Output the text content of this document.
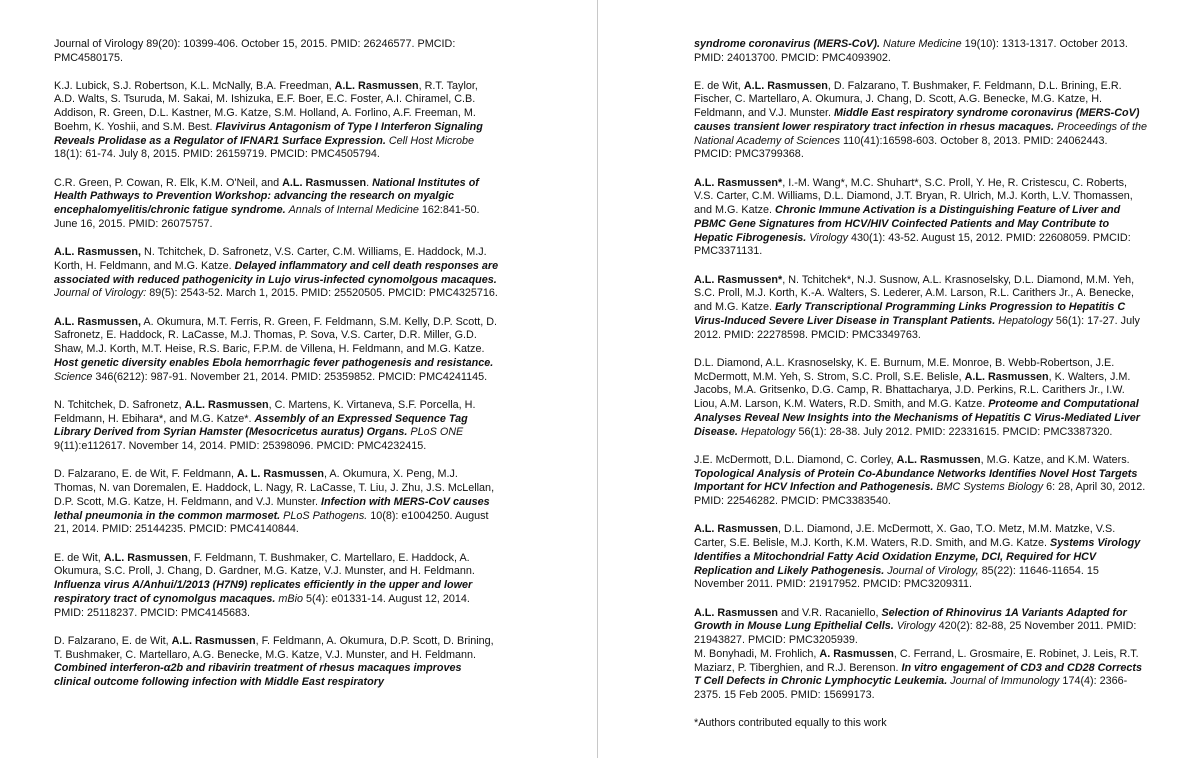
Journal of Virology 89(20): 10399-406. October 15, 2015. PMID: 26246577. PMCID: PMC4580175.

K.J. Lubick, S.J. Robertson, K.L. McNally, B.A. Freedman, A.L. Rasmussen, R.T. Taylor, A.D. Walts, S. Tsuruda, M. Sakai, M. Ishizuka, E.F. Boer, E.C. Foster, A.I. Chiramel, C.B. Addison, R. Green, D.L. Kastner, M.G. Katze, S.M. Holland, A. Forlino, A.F. Freeman, M. Boehm, K. Yoshii, and S.M. Best. Flavivirus Antagonism of Type I Interferon Signaling Reveals Prolidase as a Regulator of IFNAR1 Surface Expression. Cell Host Microbe 18(1): 61-74. July 8, 2015. PMID: 26159719. PMCID: PMC4505794.

C.R. Green, P. Cowan, R. Elk, K.M. O'Neil, and A.L. Rasmussen. National Institutes of Health Pathways to Prevention Workshop: advancing the research on myalgic encephalomyelitis/chronic fatigue syndrome. Annals of Internal Medicine 162:841-50. June 16, 2015. PMID: 26075757.

A.L. Rasmussen, N. Tchitchek, D. Safronetz, V.S. Carter, C.M. Williams, E. Haddock, M.J. Korth, H. Feldmann, and M.G. Katze. Delayed inflammatory and cell death responses are associated with reduced pathogenicity in Lujo virus-infected cynomolgous macaques. Journal of Virology: 89(5): 2543-52. March 1, 2015. PMID: 25520505. PMCID: PMC4325716.

A.L. Rasmussen, A. Okumura, M.T. Ferris, R. Green, F. Feldmann, S.M. Kelly, D.P. Scott, D. Safronetz, E. Haddock, R. LaCasse, M.J. Thomas, P. Sova, V.S. Carter, D.R. Miller, G.D. Shaw, M.J. Korth, M.T. Heise, R.S. Baric, F.P.M. de Villena, H. Feldmann, and M.G. Katze. Host genetic diversity enables Ebola hemorrhagic fever pathogenesis and resistance. Science 346(6212): 987-91. November 21, 2014. PMID: 25359852. PMCID: PMC4241145.

N. Tchitchek, D. Safronetz, A.L. Rasmussen, C. Martens, K. Virtaneva, S.F. Porcella, H. Feldmann, H. Ebihara*, and M.G. Katze*. Assembly of an Expressed Sequence Tag Library Derived from Syrian Hamster (Mesocricetus auratus) Organs. PLoS ONE 9(11):e112617. November 14, 2014. PMID: 25398096. PMCID: PMC4232415.

D. Falzarano, E. de Wit, F. Feldmann, A. L. Rasmussen, A. Okumura, X. Peng, M.J. Thomas, N. van Doremalen, E. Haddock, L. Nagy, R. LaCasse, T. Liu, J. Zhu, J.S. McLellan, D.P. Scott, M.G. Katze, H. Feldmann, and V.J. Munster. Infection with MERS-CoV causes lethal pneumonia in the common marmoset. PLoS Pathogens. 10(8): e1004250. August 21, 2014. PMID: 25144235. PMCID: PMC4140844.

E. de Wit, A.L. Rasmussen, F. Feldmann, T. Bushmaker, C. Martellaro, E. Haddock, A. Okumura, S.C. Proll, J. Chang, D. Gardner, M.G. Katze, V.J. Munster, and H. Feldmann. Influenza virus A/Anhui/1/2013 (H7N9) replicates efficiently in the upper and lower respiratory tract of cynomolgus macaques. mBio 5(4): e01331-14. August 12, 2014. PMID: 25118237. PMCID: PMC4145683.

D. Falzarano, E. de Wit, A.L. Rasmussen, F. Feldmann, A. Okumura, D.P. Scott, D. Brining, T. Bushmaker, C. Martellaro, A.G. Benecke, M.G. Katze, V.J. Munster, and H. Feldmann. Combined interferon-α2b and ribavirin treatment of rhesus macaques improves clinical outcome following infection with Middle East respiratory

syndrome coronavirus (MERS-CoV). Nature Medicine 19(10): 1313-1317. October 2013. PMID: 24013700. PMCID: PMC4093902.

E. de Wit, A.L. Rasmussen, D. Falzarano, T. Bushmaker, F. Feldmann, D.L. Brining, E.R. Fischer, C. Martellaro, A. Okumura, J. Chang, D. Scott, A.G. Benecke, M.G. Katze, H. Feldmann, and V.J. Munster. Middle East respiratory syndrome coronavirus (MERS-CoV) causes transient lower respiratory tract infection in rhesus macaques. Proceedings of the National Academy of Sciences 110(41):16598-603. October 8, 2013. PMID: 24062443. PMCID: PMC3799368.

A.L. Rasmussen*, I.-M. Wang*, M.C. Shuhart*, S.C. Proll, Y. He, R. Cristescu, C. Roberts, V.S. Carter, C.M. Williams, D.L. Diamond, J.T. Bryan, R. Ulrich, M.J. Korth, L.V. Thomassen, and M.G. Katze. Chronic Immune Activation is a Distinguishing Feature of Liver and PBMC Gene Signatures from HCV/HIV Coinfected Patients and May Contribute to Hepatic Fibrogenesis. Virology 430(1): 43-52. August 15, 2012. PMID: 22608059. PMCID: PMC3371131.

A.L. Rasmussen*, N. Tchitchek*, N.J. Susnow, A.L. Krasnoselsky, D.L. Diamond, M.M. Yeh, S.C. Proll, M.J. Korth, K.-A. Walters, S. Lederer, A.M. Larson, R.L. Carithers Jr., A. Benecke, and M.G. Katze. Early Transcriptional Programming Links Progression to Hepatitis C Virus-Induced Severe Liver Disease in Transplant Patients. Hepatology 56(1): 17-27. July 2012. PMID: 22278598. PMCID: PMC3349763.

D.L. Diamond, A.L. Krasnoselsky, K. E. Burnum, M.E. Monroe, B. Webb-Robertson, J.E. McDermott, M.M. Yeh, S. Strom, S.C. Proll, S.E. Belisle, A.L. Rasmussen, K. Walters, J.M. Jacobs, M.A. Gritsenko, D.G. Camp, R. Bhattacharya, J.D. Perkins, R.L. Carithers Jr., I.W. Liou, A.M. Larson, K.M. Waters, R.D. Smith, and M.G. Katze. Proteome and Computational Analyses Reveal New Insights into the Mechanisms of Hepatitis C Virus-Mediated Liver Disease. Hepatology 56(1): 28-38. July 2012. PMID: 22331615. PMCID: PMC3387320.

J.E. McDermott, D.L. Diamond, C. Corley, A.L. Rasmussen, M.G. Katze, and K.M. Waters. Topological Analysis of Protein Co-Abundance Networks Identifies Novel Host Targets Important for HCV Infection and Pathogenesis. BMC Systems Biology 6: 28, April 30, 2012. PMID: 22546282. PMCID: PMC3383540.

A.L. Rasmussen, D.L. Diamond, J.E. McDermott, X. Gao, T.O. Metz, M.M. Matzke, V.S. Carter, S.E. Belisle, M.J. Korth, K.M. Waters, R.D. Smith, and M.G. Katze. Systems Virology Identifies a Mitochondrial Fatty Acid Oxidation Enzyme, DCI, Required for HCV Replication and Likely Pathogenesis. Journal of Virology, 85(22): 11646-11654. 15 November 2011. PMID: 21917952. PMCID: PMC3209311.

A.L. Rasmussen and V.R. Racaniello, Selection of Rhinovirus 1A Variants Adapted for Growth in Mouse Lung Epithelial Cells. Virology 420(2): 82-88, 25 November 2011. PMID: 21943827. PMCID: PMC3205939.

M. Bonyhadi, M. Frohlich, A. Rasmussen, C. Ferrand, L. Grosmaire, E. Robinet, J. Leis, R.T. Maziarz, P. Tiberghien, and R.J. Berenson. In vitro engagement of CD3 and CD28 Corrects T Cell Defects in Chronic Lymphocytic Leukemia. Journal of Immunology 174(4): 2366-2375. 15 Feb 2005. PMID: 15699173.

*Authors contributed equally to this work
